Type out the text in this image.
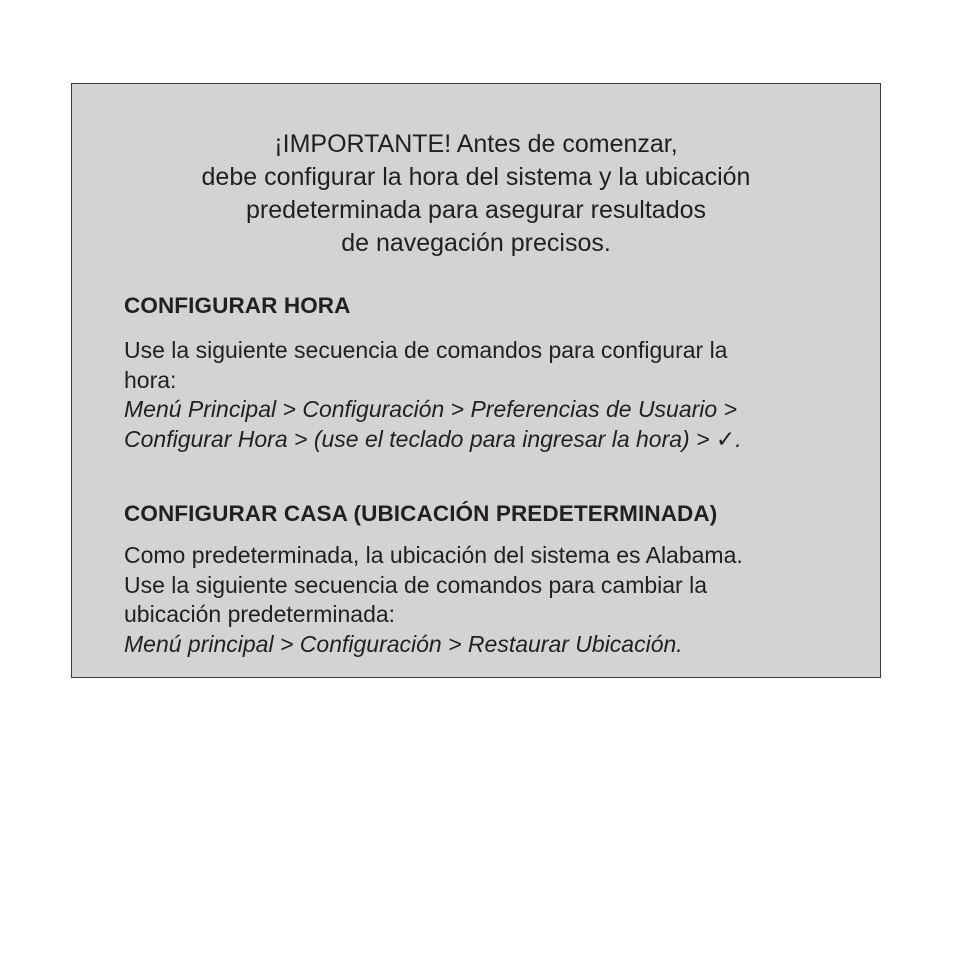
¡IMPORTANTE! Antes de comenzar,
debe configurar la hora del sistema y la ubicación
predeterminada para asegurar resultados
de navegación precisos.
CONFIGURAR HORA
Use la siguiente secuencia de comandos para configurar la
hora:
Menú Principal > Configuración > Preferencias de Usuario >
Configurar Hora > (use el teclado para ingresar la hora) > ✓.
CONFIGURAR CASA (UBICACIÓN PREDETERMINADA)
Como predeterminada, la ubicación del sistema es Alabama.
Use la siguiente secuencia de comandos para cambiar la
ubicación predeterminada:
Menú principal > Configuración > Restaurar Ubicación.
